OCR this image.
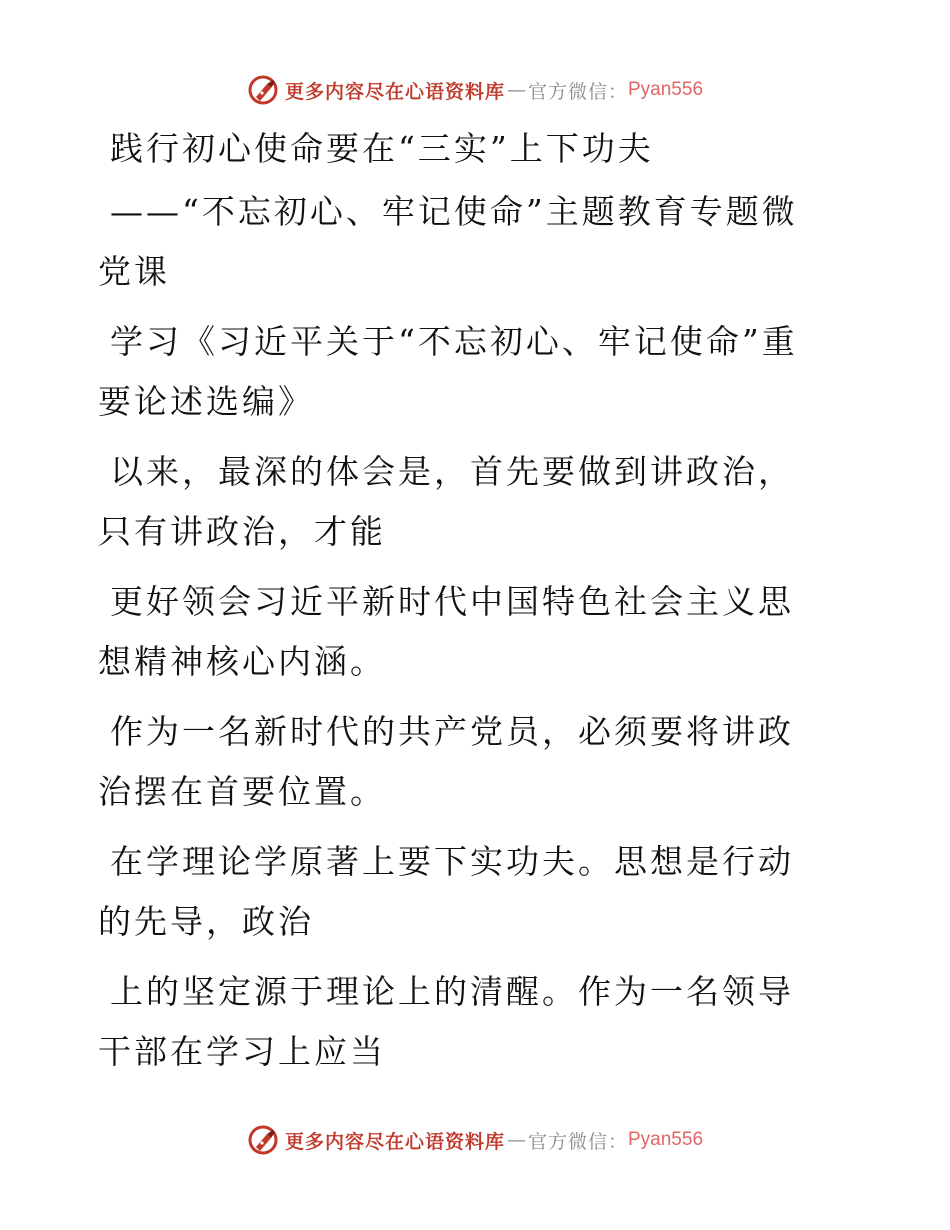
更多内容尽在心语资料库 — 官方微信： Pyan556

践行初心使命要在“三实”上下功夫

——“不忘初心、牢记使命”主题教育专题微党课

学习《习近平关于“不忘初心、牢记使命”重要论述选编》

以来，最深的体会是，首先要做到讲政治，只有讲政治，才能

更好领会习近平新时代中国特色社会主义思想精神核心内涵。

作为一名新时代的共产党员，必须要将讲政治摆在首要位置。

在学理论学原著上要下实功夫。思想是行动的先导，政治

上的坚定源于理论上的清醒。作为一名领导干部在学习上应当

更多内容尽在心语资料库 — 官方微信： Pyan556
